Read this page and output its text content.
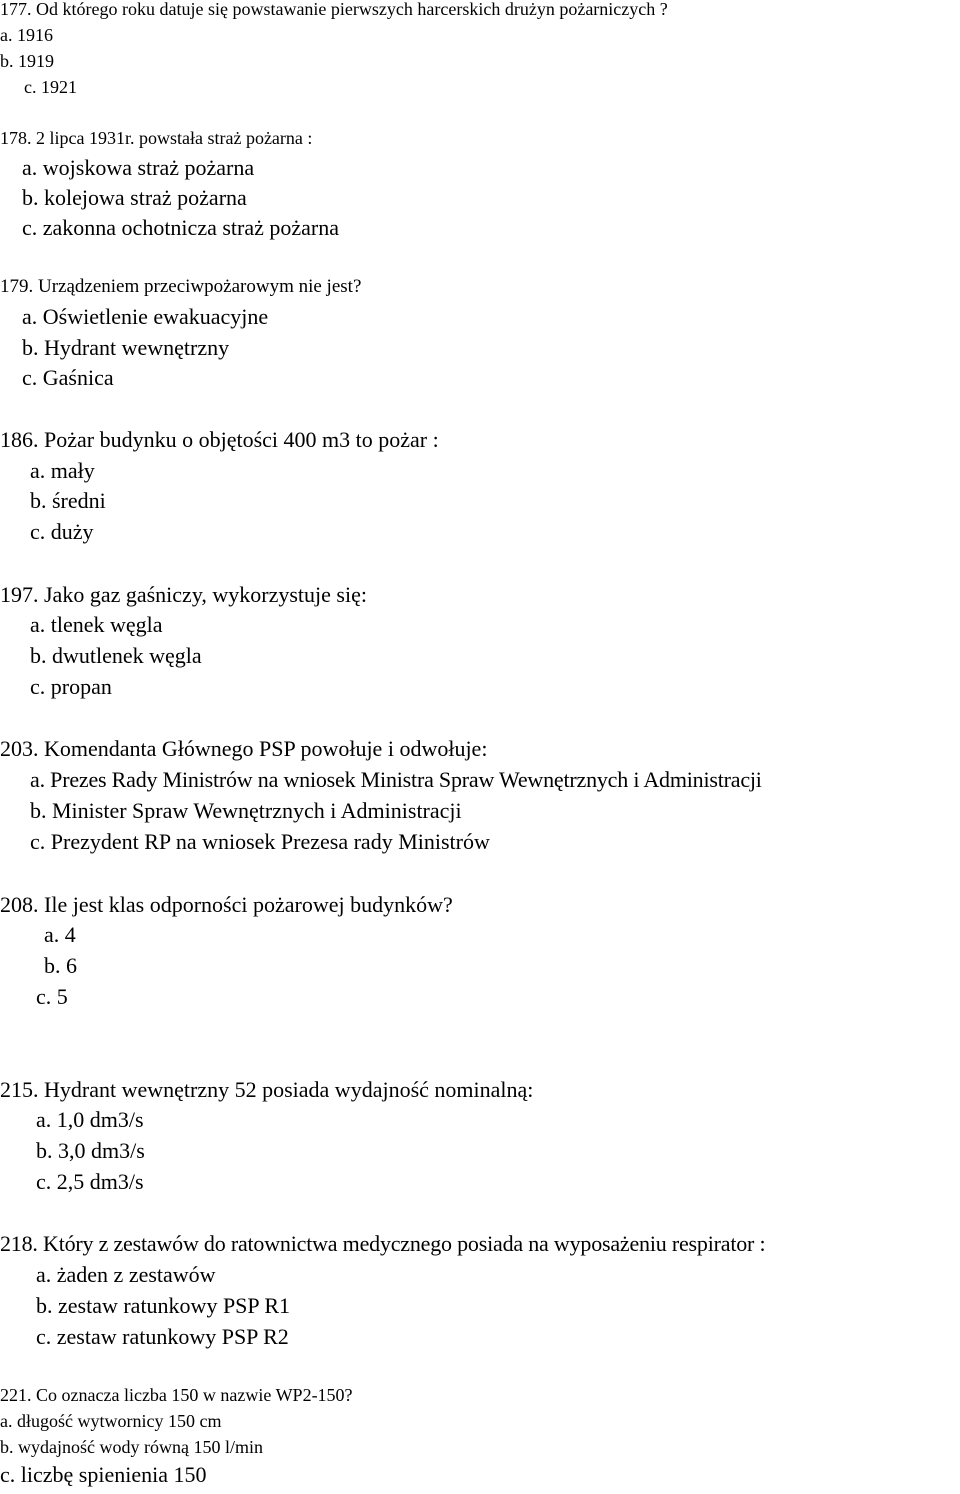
177. Od którego roku datuje się powstawanie pierwszych harcerskich drużyn pożarniczych ?
a. 1916
b. 1919
c. 1921
178. 2 lipca 1931r. powstała straż pożarna :
a. wojskowa straż pożarna
b. kolejowa straż pożarna
c. zakonna ochotnicza straż pożarna
179. Urządzeniem przeciwpożarowym nie jest?
a. Oświetlenie ewakuacyjne
b. Hydrant wewnętrzny
c. Gaśnica
186. Pożar budynku o objętości 400 m3 to pożar :
a. mały
b. średni
c. duży
197. Jako gaz gaśniczy, wykorzystuje się:
a. tlenek węgla
b. dwutlenek węgla
c. propan
203. Komendanta Głównego PSP powołuje i odwołuje:
a. Prezes Rady Ministrów na wniosek Ministra Spraw Wewnętrznych i Administracji
b. Minister Spraw Wewnętrznych i Administracji
c. Prezydent RP na wniosek Prezesa rady Ministrów
208. Ile jest klas odporności pożarowej budynków?
a. 4
b. 6
c. 5
215. Hydrant wewnętrzny 52 posiada wydajność nominalną:
a. 1,0 dm3/s
b. 3,0 dm3/s
c. 2,5 dm3/s
218. Który z zestawów do ratownictwa medycznego posiada na wyposażeniu respirator :
a. żaden z zestawów
b. zestaw ratunkowy PSP R1
c. zestaw ratunkowy PSP R2
221. Co oznacza liczba 150 w nazwie WP2-150?
a. długość wytwornicy 150 cm
b. wydajność wody równą 150 l/min
c. liczbę spienienia 150
